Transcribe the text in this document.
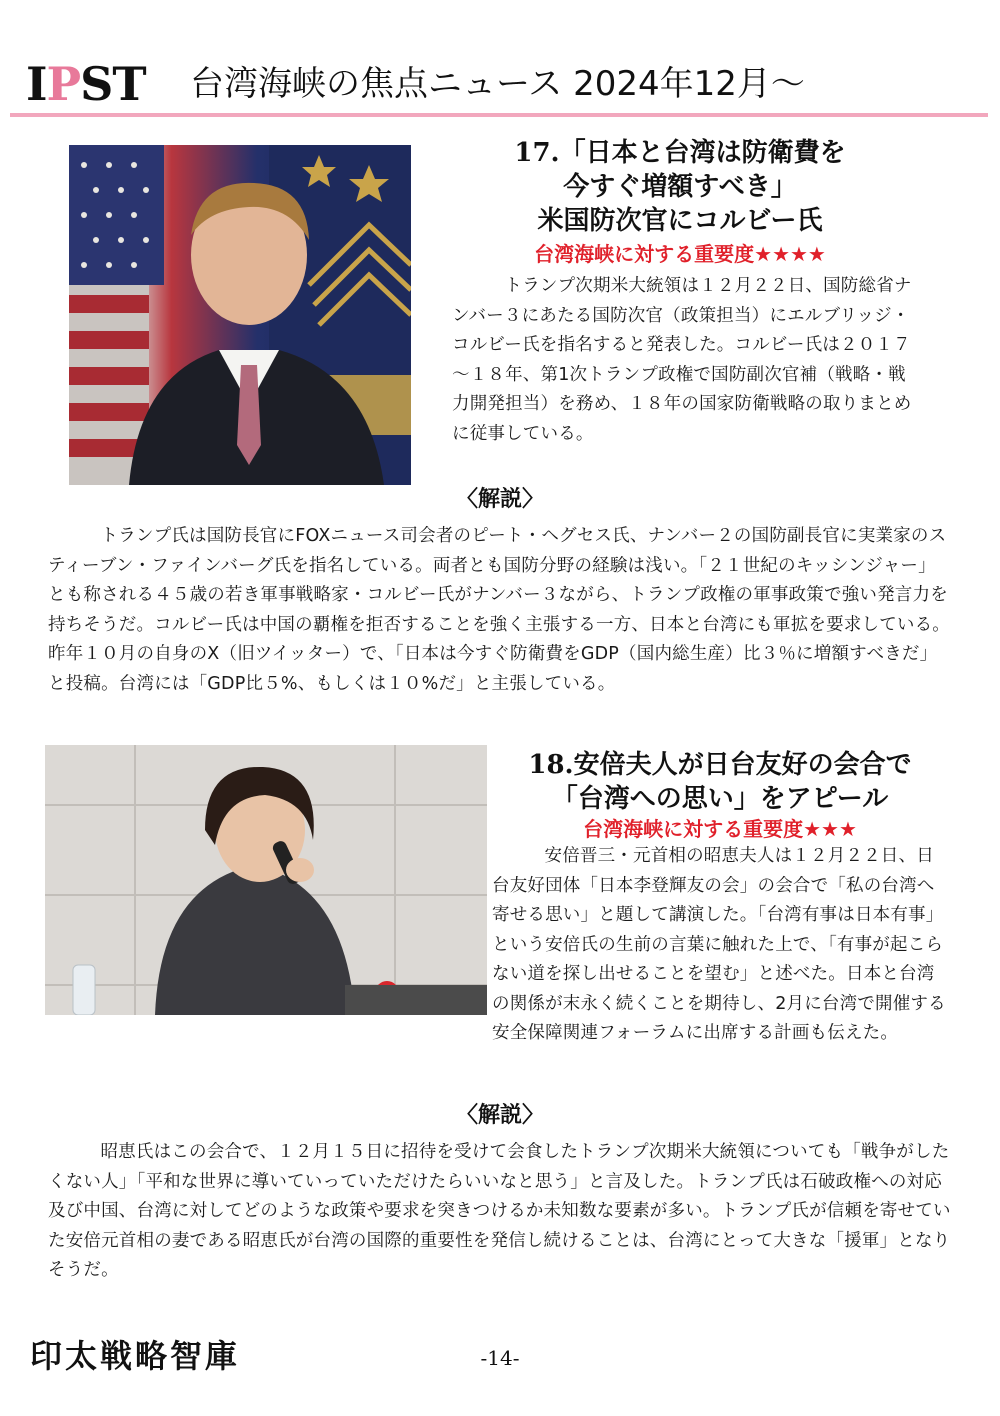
IPST 台湾海峡の焦点ニュース 2024年12月～
17.「日本と台湾は防衛費を
今すぐ増額すべき」
米国防次官にコルビー氏
台湾海峡に対する重要度★★★★
トランプ次期米大統領は１２月２２日、国防総省ナンバー３にあたる国防次官（政策担当）にエルブリッジ・コルビー氏を指名すると発表した。コルビー氏は２０１７～１８年、第1次トランプ政権で国防副次官補（戦略・戦力開発担当）を務め、１８年の国家防衛戦略の取りまとめに従事している。
〈解説〉
トランプ氏は国防長官にFOXニュース司会者のピート・ヘグセス氏、ナンバー２の国防副長官に実業家のスティーブン・ファインバーグ氏を指名している。両者とも国防分野の経験は浅い。「２１世紀のキッシンジャー」とも称される４５歳の若き軍事戦略家・コルビー氏がナンバー３ながら、トランプ政権の軍事政策で強い発言力を持ちそうだ。コルビー氏は中国の覇権を拒否することを強く主張する一方、日本と台湾にも軍拡を要求している。昨年１０月の自身のX（旧ツイッター）で、「日本は今すぐ防衛費をGDP（国内総生産）比３％に増額すべきだ」と投稿。台湾には「GDP比５%、もしくは１０%だ」と主張している。
18.安倍夫人が日台友好の会合で
「台湾への思い」をアピール
台湾海峡に対する重要度★★★
安倍晋三・元首相の昭恵夫人は１２月２２日、日台友好団体「日本李登輝友の会」の会合で「私の台湾へ寄せる思い」と題して講演した。「台湾有事は日本有事」という安倍氏の生前の言葉に触れた上で、「有事が起こらない道を探し出せることを望む」と述べた。日本と台湾の関係が末永く続くことを期待し、2月に台湾で開催する安全保障関連フォーラムに出席する計画も伝えた。
〈解説〉
昭恵氏はこの会合で、１２月１５日に招待を受けて会食したトランプ次期米大統領についても「戦争がしたくない人」「平和な世界に導いていっていただけたらいいなと思う」と言及した。トランプ氏は石破政権への対応及び中国、台湾に対してどのような政策や要求を突きつけるか未知数な要素が多い。トランプ氏が信頼を寄せていた安倍元首相の妻である昭恵氏が台湾の国際的重要性を発信し続けることは、台湾にとって大きな「援軍」となりそうだ。
印太戦略智庫	-14-
